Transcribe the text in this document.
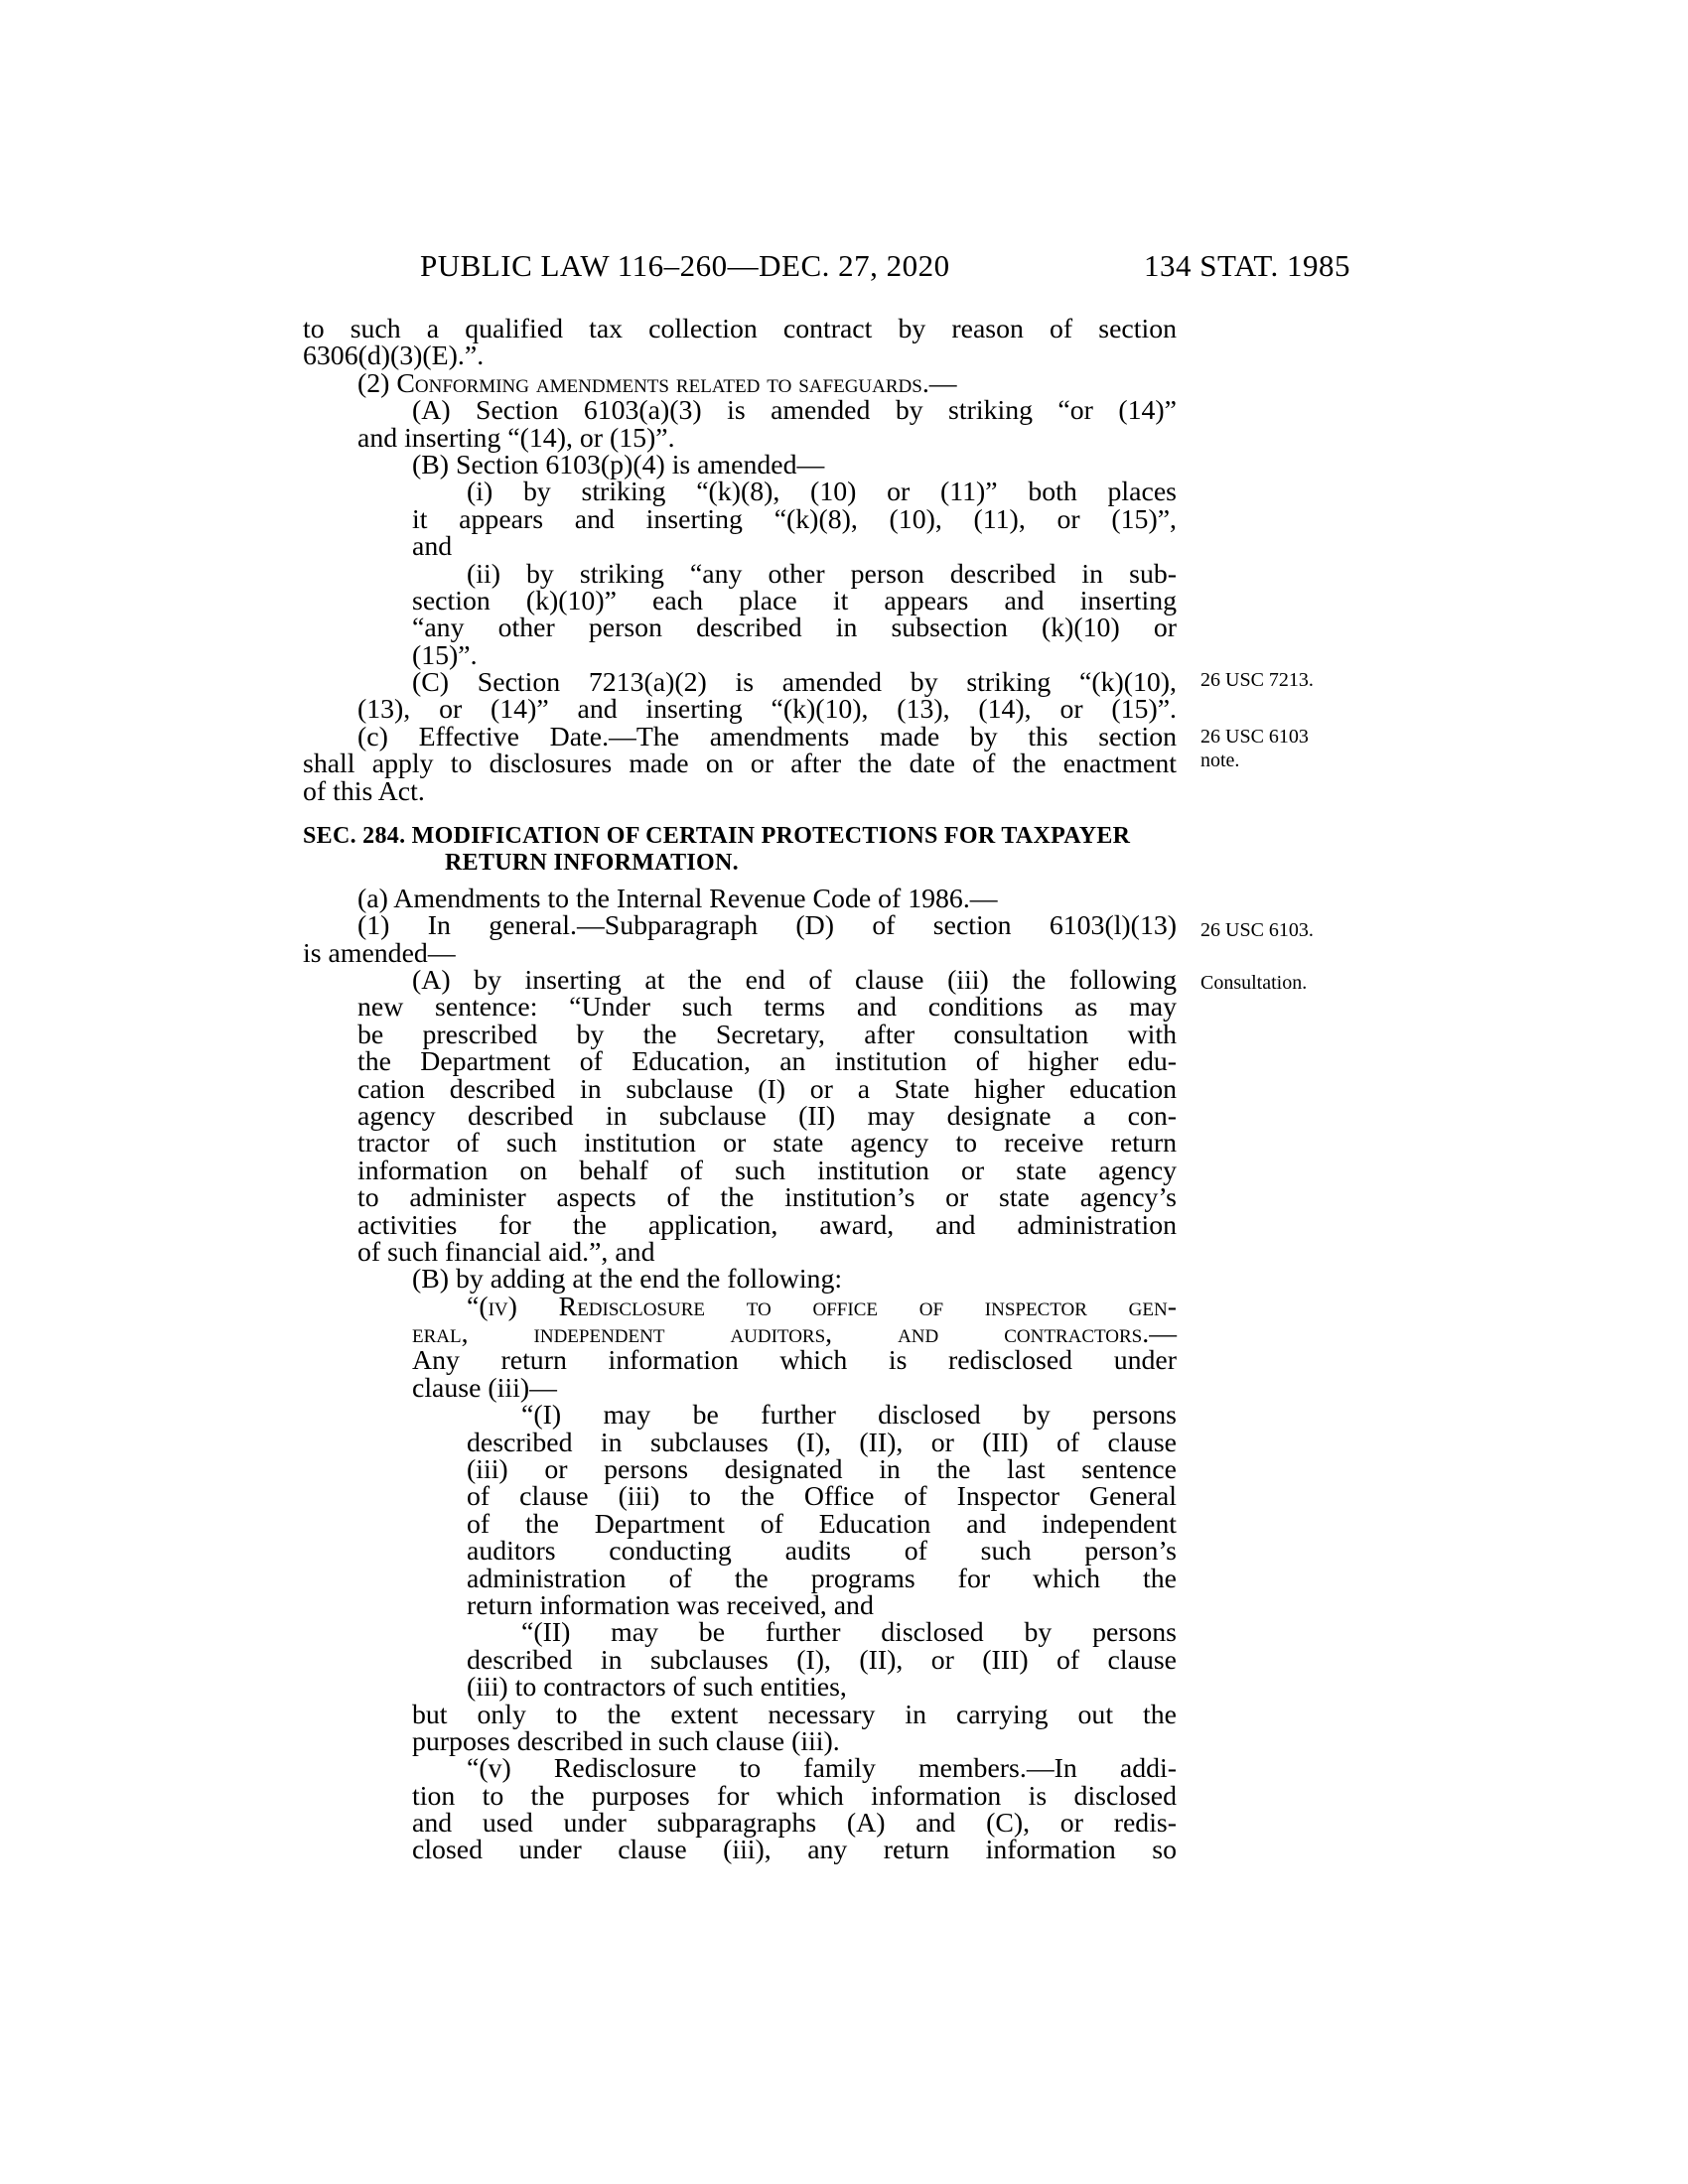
PUBLIC LAW 116–260—DEC. 27, 2020	134 STAT. 1985
to such a qualified tax collection contract by reason of section
6306(d)(3)(E).”.
(2) Conforming amendments related to safeguards.—
(A) Section 6103(a)(3) is amended by striking “or (14)”
and inserting “(14), or (15)”.
(B) Section 6103(p)(4) is amended—
(i) by striking “(k)(8), (10) or (11)” both places
it appears and inserting “(k)(8), (10), (11), or (15)”,
and
(ii) by striking “any other person described in sub-
section (k)(10)” each place it appears and inserting
“any other person described in subsection (k)(10) or
(15)”.
(C) Section 7213(a)(2) is amended by striking “(k)(10),
(13), or (14)” and inserting “(k)(10), (13), (14), or (15)”.
(c) Effective Date.—The amendments made by this section
shall apply to disclosures made on or after the date of the enactment
of this Act.
SEC. 284. MODIFICATION OF CERTAIN PROTECTIONS FOR TAXPAYER
RETURN INFORMATION.
(a) Amendments to the Internal Revenue Code of 1986.—
(1) In general.—Subparagraph (D) of section 6103(l)(13)
is amended—
(A) by inserting at the end of clause (iii) the following
new sentence: “Under such terms and conditions as may
be prescribed by the Secretary, after consultation with
the Department of Education, an institution of higher edu-
cation described in subclause (I) or a State higher education
agency described in subclause (II) may designate a con-
tractor of such institution or state agency to receive return
information on behalf of such institution or state agency
to administer aspects of the institution’s or state agency’s
activities for the application, award, and administration
of such financial aid.”, and
(B) by adding at the end the following:
“(iv) Redisclosure to office of inspector gen-
eral, independent auditors, and contractors.—
Any return information which is redisclosed under
clause (iii)—
“(I) may be further disclosed by persons
described in subclauses (I), (II), or (III) of clause
(iii) or persons designated in the last sentence
of clause (iii) to the Office of Inspector General
of the Department of Education and independent
auditors conducting audits of such person’s
administration of the programs for which the
return information was received, and
“(II) may be further disclosed by persons
described in subclauses (I), (II), or (III) of clause
(iii) to contractors of such entities,
but only to the extent necessary in carrying out the
purposes described in such clause (iii).
“(v) Redisclosure to family members.—In addi-
tion to the purposes for which information is disclosed
and used under subparagraphs (A) and (C), or redis-
closed under clause (iii), any return information so
26 USC 7213.
26 USC 6103
note.
26 USC 6103.
Consultation.
